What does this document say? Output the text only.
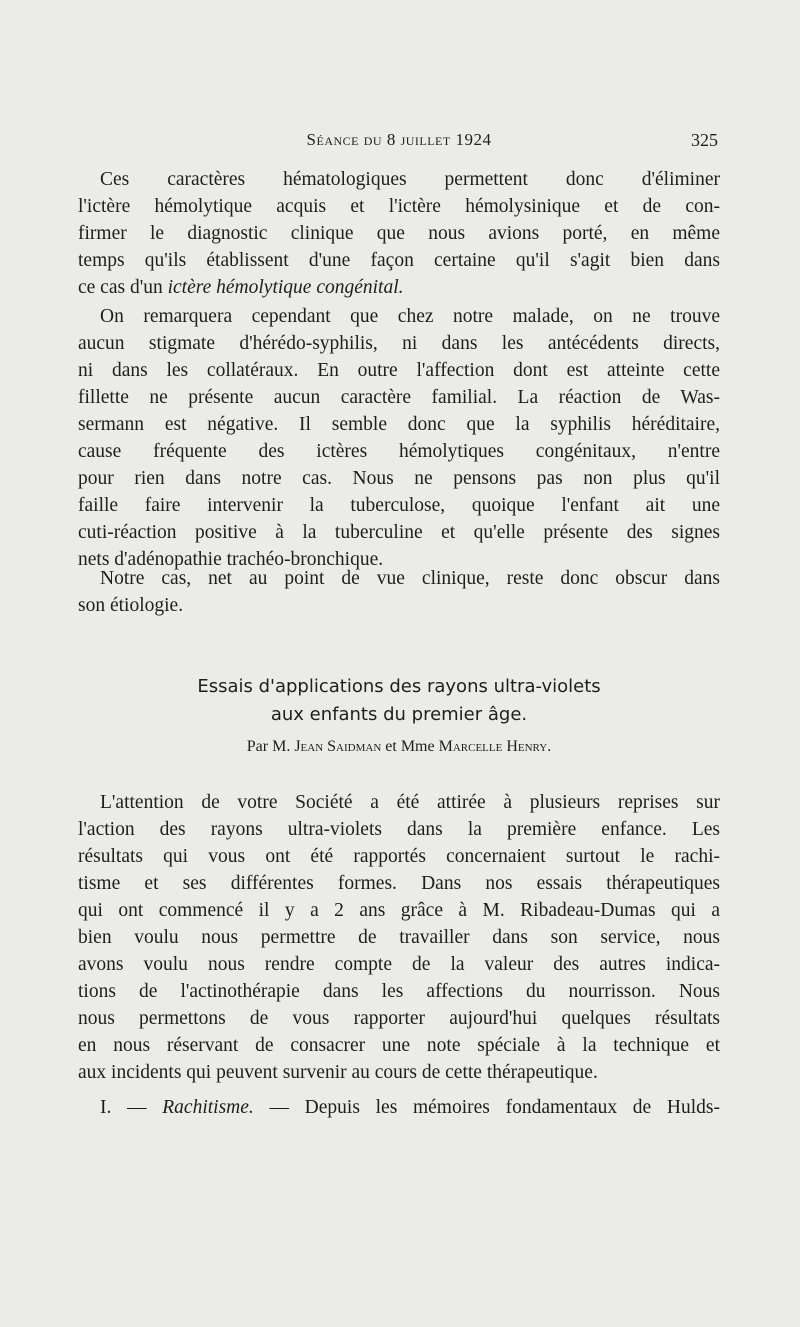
Séance du 8 juillet 1924	325
Ces caractères hématologiques permettent donc d'éliminer
l'ictère hémolytique acquis et l'ictère hémolysinique et de con-
firmer le diagnostic clinique que nous avions porté, en même
temps qu'ils établissent d'une façon certaine qu'il s'agit bien dans
ce cas d'un ictère hémolytique congénital.
On remarquera cependant que chez notre malade, on ne trouve
aucun stigmate d'hérédo-syphilis, ni dans les antécédents directs,
ni dans les collatéraux. En outre l'affection dont est atteinte cette
fillette ne présente aucun caractère familial. La réaction de Was-
sermann est négative. Il semble donc que la syphilis héréditaire,
cause fréquente des ictères hémolytiques congénitaux, n'entre
pour rien dans notre cas. Nous ne pensons pas non plus qu'il
faille faire intervenir la tuberculose, quoique l'enfant ait une
cuti-réaction positive à la tuberculine et qu'elle présente des signes
nets d'adénopathie trachéo-bronchique.
Notre cas, net au point de vue clinique, reste donc obscur dans
son étiologie.
Essais d'applications des rayons ultra-violets
aux enfants du premier âge.
Par M. Jean Saidman et Mme Marcelle Henry.
L'attention de votre Société a été attirée à plusieurs reprises sur
l'action des rayons ultra-violets dans la première enfance. Les
résultats qui vous ont été rapportés concernaient surtout le rachi-
tisme et ses différentes formes. Dans nos essais thérapeutiques
qui ont commencé il y a 2 ans grâce à M. Ribadeau-Dumas qui a
bien voulu nous permettre de travailler dans son service, nous
avons voulu nous rendre compte de la valeur des autres indica-
tions de l'actinothérapie dans les affections du nourrisson. Nous
nous permettons de vous rapporter aujourd'hui quelques résultats
en nous réservant de consacrer une note spéciale à la technique et
aux incidents qui peuvent survenir au cours de cette thérapeutique.
I. — Rachitisme. — Depuis les mémoires fondamentaux de Hulds-
